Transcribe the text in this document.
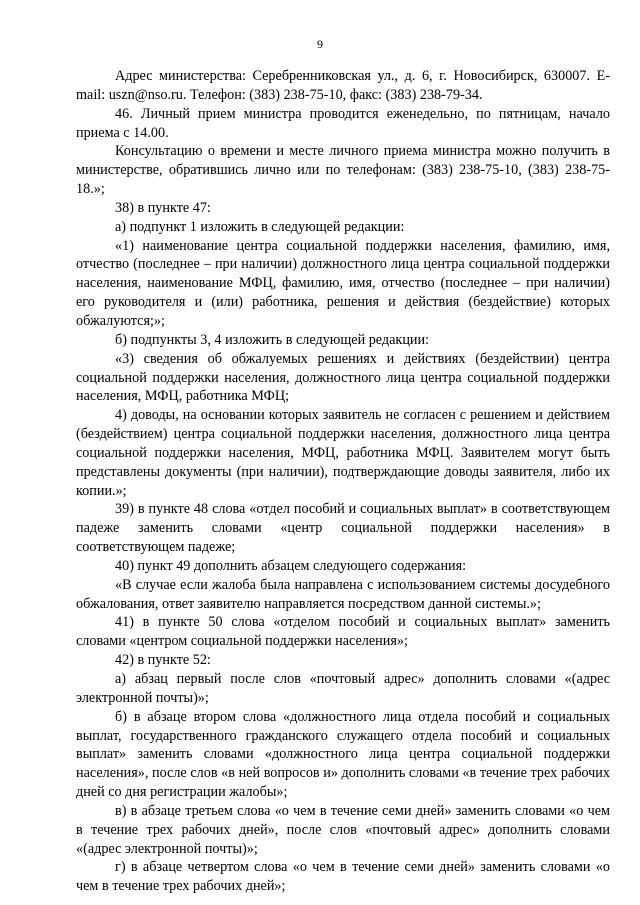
9

Адрес министерства: Серебренниковская ул., д. 6, г. Новосибирск, 630007. E-mail: uszn@nso.ru. Телефон: (383) 238-75-10, факс: (383) 238-79-34.

46. Личный прием министра проводится еженедельно, по пятницам, начало приема с 14.00.

Консультацию о времени и месте личного приема министра можно получить в министерстве, обратившись лично или по телефонам: (383) 238-75-10, (383) 238-75-18.»;

38) в пункте 47:

а) подпункт 1 изложить в следующей редакции:

«1) наименование центра социальной поддержки населения, фамилию, имя, отчество (последнее – при наличии) должностного лица центра социальной поддержки населения, наименование МФЦ, фамилию, имя, отчество (последнее – при наличии) его руководителя и (или) работника, решения и действия (бездействие) которых обжалуются;»;

б) подпункты 3, 4 изложить в следующей редакции:

«3) сведения об обжалуемых решениях и действиях (бездействии) центра социальной поддержки населения, должностного лица центра социальной поддержки населения, МФЦ, работника МФЦ;

4) доводы, на основании которых заявитель не согласен с решением и действием (бездействием) центра социальной поддержки населения, должностного лица центра социальной поддержки населения, МФЦ, работника МФЦ. Заявителем могут быть представлены документы (при наличии), подтверждающие доводы заявителя, либо их копии.»;

39) в пункте 48 слова «отдел пособий и социальных выплат» в соответствующем падеже заменить словами «центр социальной поддержки населения» в соответствующем падеже;

40) пункт 49 дополнить абзацем следующего содержания:

«В случае если жалоба была направлена с использованием системы досудебного обжалования, ответ заявителю направляется посредством данной системы.»;

41) в пункте 50 слова «отделом пособий и социальных выплат» заменить словами «центром социальной поддержки населения»;

42) в пункте 52:

а) абзац первый после слов «почтовый адрес» дополнить словами «(адрес электронной почты)»;

б) в абзаце втором слова «должностного лица отдела пособий и социальных выплат, государственного гражданского служащего отдела пособий и социальных выплат» заменить словами «должностного лица центра социальной поддержки населения», после слов «в ней вопросов и» дополнить словами «в течение трех рабочих дней со дня регистрации жалобы»;

в) в абзаце третьем слова «о чем в течение семи дней» заменить словами «о чем в течение трех рабочих дней», после слов «почтовый адрес» дополнить словами «(адрес электронной почты)»;

г) в абзаце четвертом слова «о чем в течение семи дней» заменить словами «о чем в течение трех рабочих дней»;
